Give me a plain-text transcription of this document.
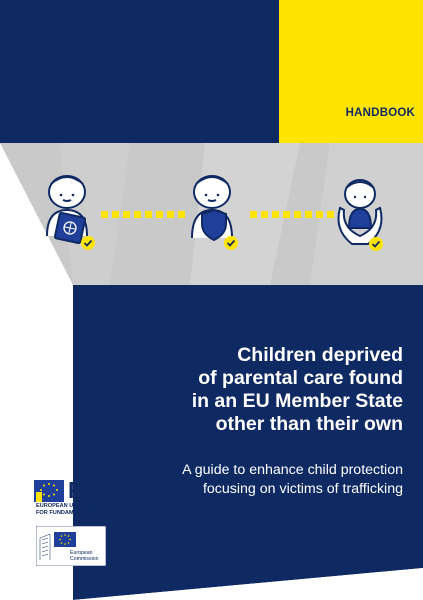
HANDBOOK
Children deprived
of parental care found
in an EU Member State
other than their own
A guide to enhance child protection
focusing on victims of trafficking
FRA
EUROPEAN UNION AGENCY
FOR FUNDAMENTAL RIGHTS
European
Commission
